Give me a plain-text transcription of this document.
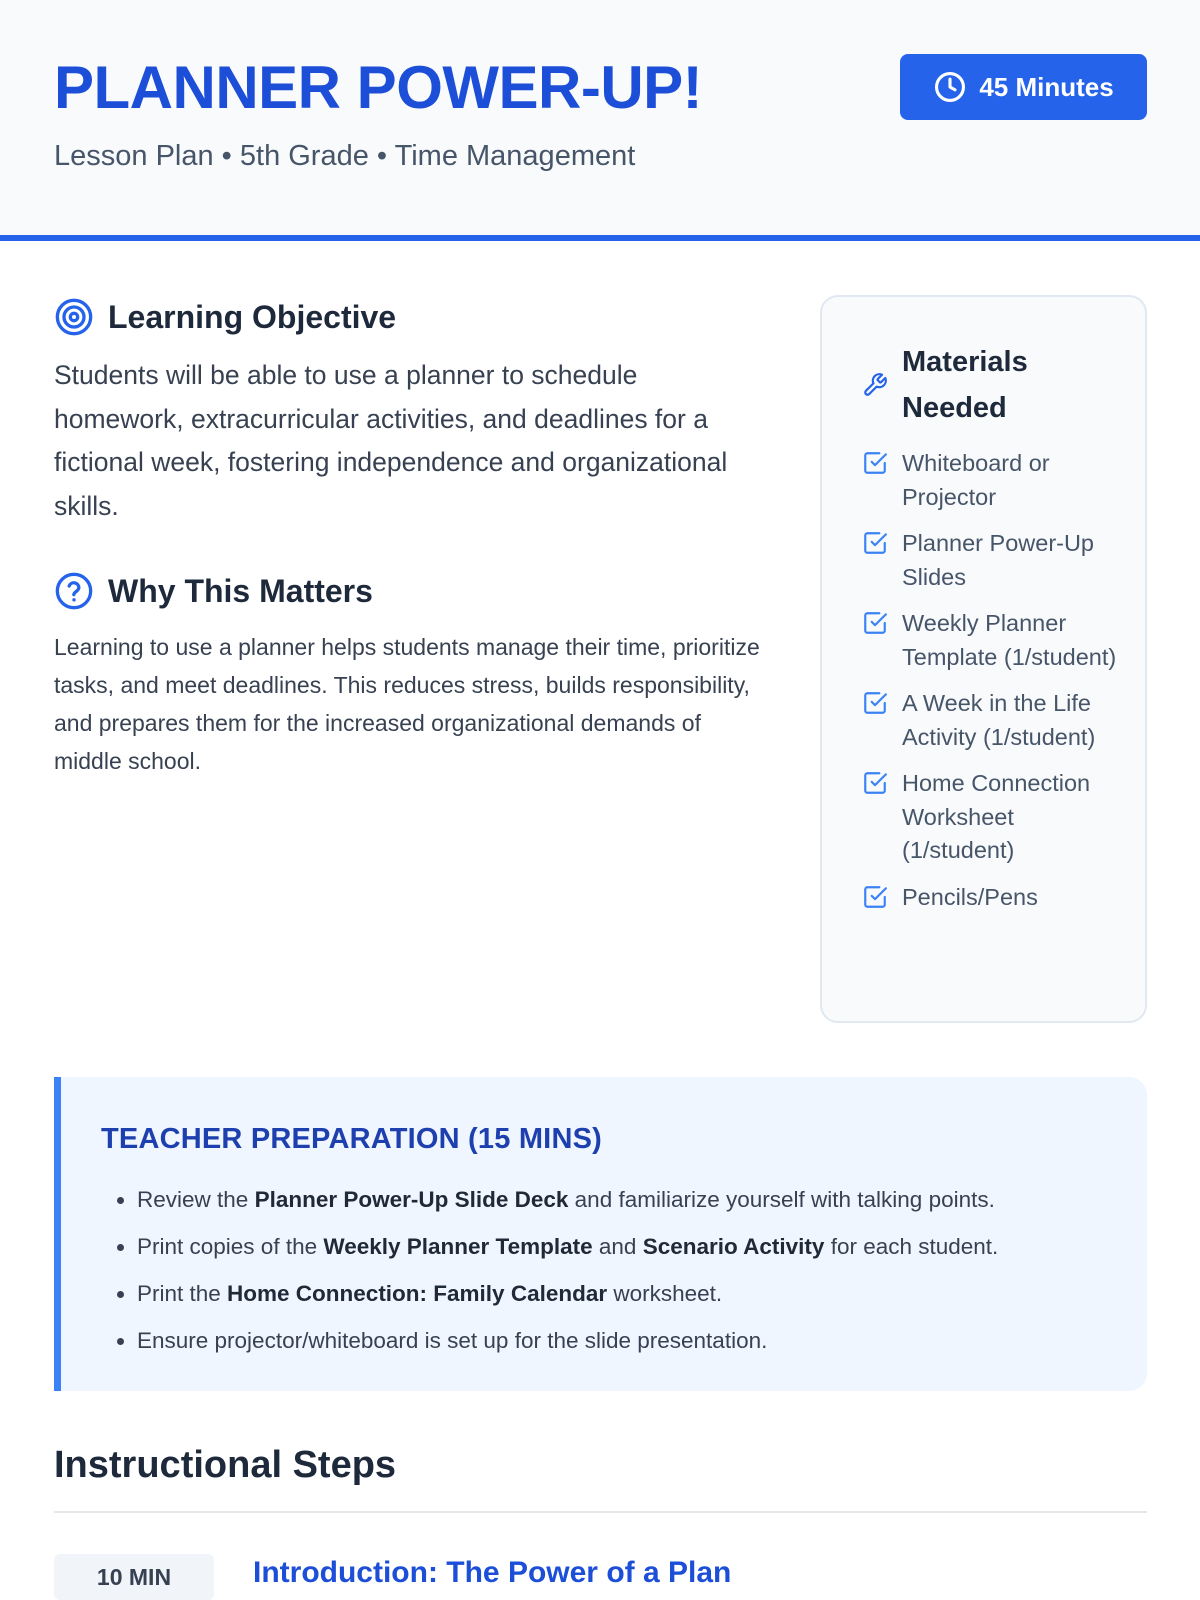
PLANNER POWER-UP!
Lesson Plan • 5th Grade • Time Management
45 Minutes
Learning Objective

Students will be able to use a planner to schedule homework, extracurricular activities, and deadlines for a fictional week, fostering independence and organizational skills.

Why This Matters

Learning to use a planner helps students manage their time, prioritize tasks, and meet deadlines. This reduces stress, builds responsibility, and prepares them for the increased organizational demands of middle school.

Materials Needed
Whiteboard or Projector
Planner Power-Up Slides
Weekly Planner Template (1/student)
A Week in the Life Activity (1/student)
Home Connection Worksheet (1/student)
Pencils/Pens
TEACHER PREPARATION (15 MINS)
• Review the Planner Power-Up Slide Deck and familiarize yourself with talking points.
• Print copies of the Weekly Planner Template and Scenario Activity for each student.
• Print the Home Connection: Family Calendar worksheet.
• Ensure projector/whiteboard is set up for the slide presentation.
Instructional Steps
10 MIN	Introduction: The Power of a Plan
